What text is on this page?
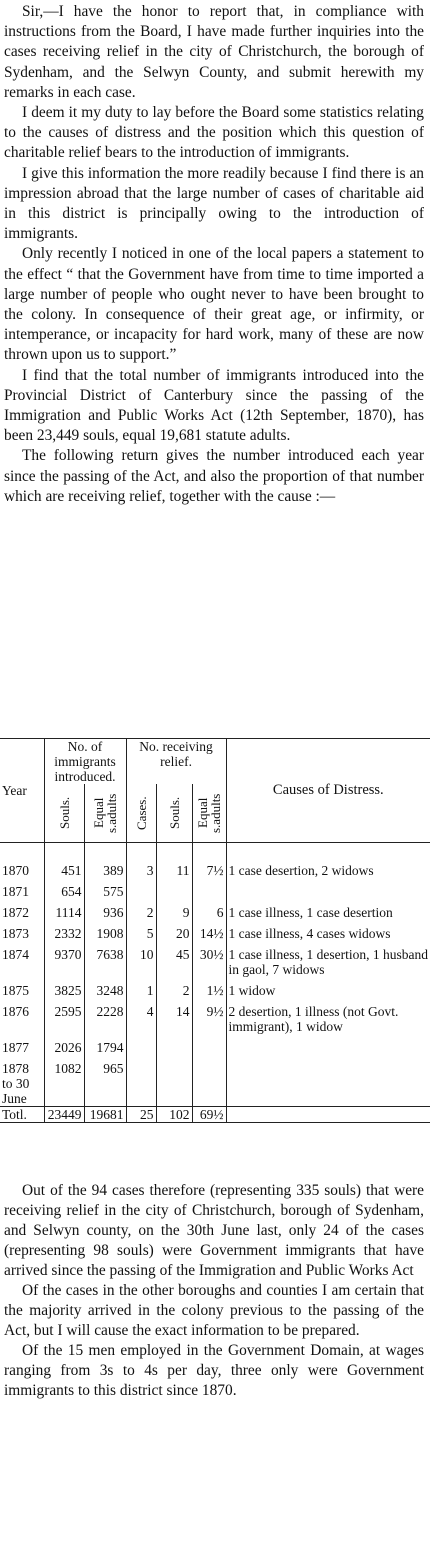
Sir,—I have the honor to report that, in compliance with instructions from the Board, I have made further inquiries into the cases receiving relief in the city of Christchurch, the borough of Sydenham, and the Selwyn County, and submit herewith my remarks in each case.

I deem it my duty to lay before the Board some statistics relating to the causes of distress and the position which this question of charitable relief bears to the introduction of immigrants.

I give this information the more readily because I find there is an impression abroad that the large number of cases of charitable aid in this district is principally owing to the introduction of immigrants.

Only recently I noticed in one of the local papers a statement to the effect “ that the Government have from time to time imported a large number of people who ought never to have been brought to the colony. In consequence of their great age, or infirmity, or intemperance, or incapacity for hard work, many of these are now thrown upon us to support.”

I find that the total number of immigrants introduced into the Provincial District of Canterbury since the passing of the Immigration and Public Works Act (12th September, 1870), has been 23,449 souls, equal 19,681 statute adults.

The following return gives the number introduced each year since the passing of the Act, and also the proportion of that number which are receiving relief, together with the cause :—

Year	No. of immigrants introduced.		No. receiving relief.			Causes of Distress.

	Souls.	Equal s.adults	Cases.	Souls.	Equal s.adults	

1870	451	389	3	11	7½	1 case desertion, 2 widows
1871	654	575				
1872	1114	936	2	9	6	1 case illness, 1 case desertion
1873	2332	1908	5	20	14½	1 case illness, 4 cases widows
1874	9370	7638	10	45	30½	1 case illness, 1 desertion, 1 husband in gaol, 7 widows
1875	3825	3248	1	2	1½	1 widow
1876	2595	2228	4	14	9½	2 desertion, 1 illness (not Govt. immigrant), 1 widow
1877	2026	1794				
1878 to 30 June	1082	965				
Totl.	23449	19681	25	102	69½	

Out of the 94 cases therefore (representing 335 souls) that were receiving relief in the city of Christchurch, borough of Sydenham, and Selwyn county, on the 30th June last, only 24 of the cases (representing 98 souls) were Government immigrants that have arrived since the passing of the Immigration and Public Works Act

Of the cases in the other boroughs and counties I am certain that the majority arrived in the colony previous to the passing of the Act, but I will cause the exact information to be prepared.

Of the 15 men employed in the Government Domain, at wages ranging from 3s to 4s per day, three only were Government immigrants to this district since 1870.
